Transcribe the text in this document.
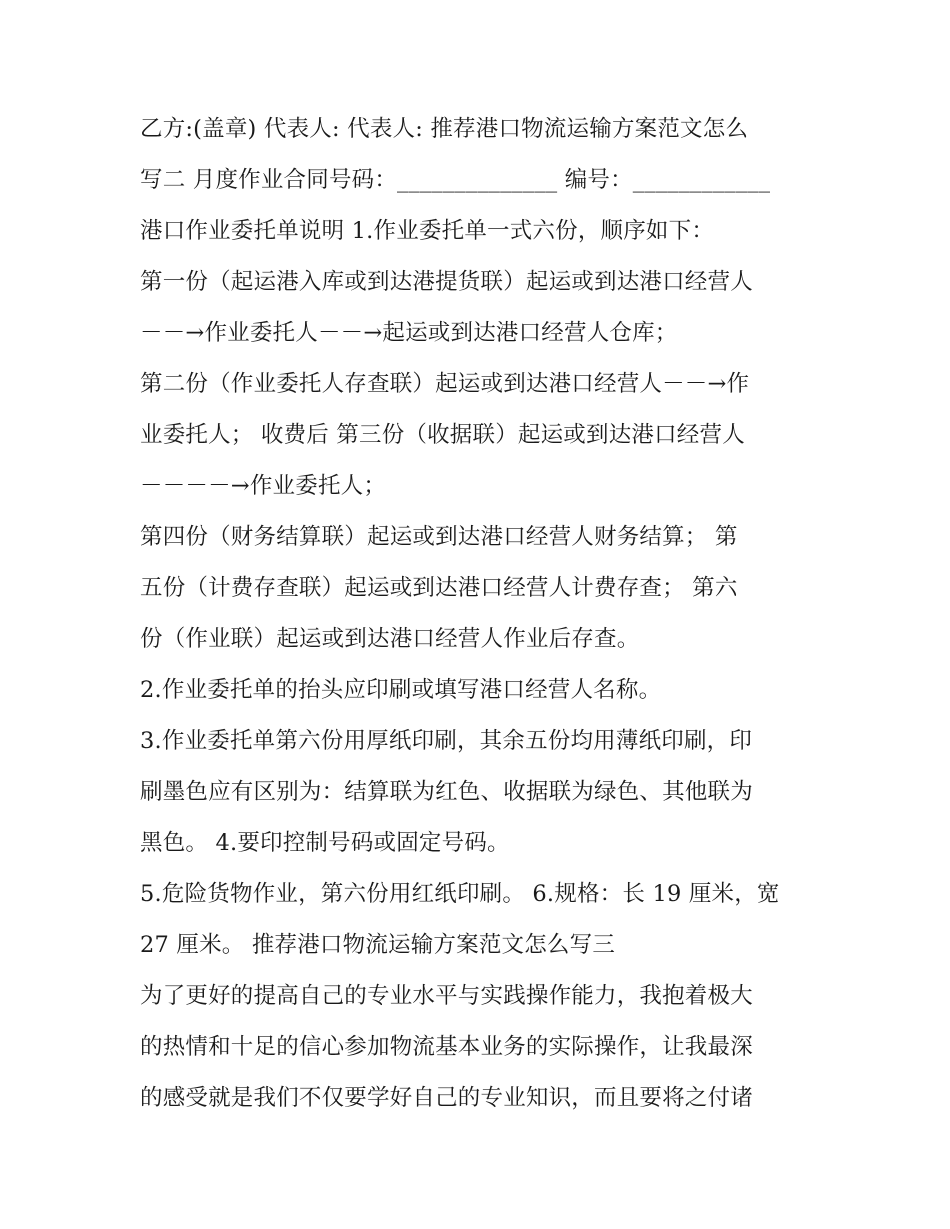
乙方:(盖章) 代表人: 代表人: 推荐港口物流运输方案范文怎么
写二 月度作业合同号码：______________ 编号：____________
港口作业委托单说明 1.作业委托单一式六份，顺序如下：
第一份（起运港入库或到达港提货联）起运或到达港口经营人
－－→作业委托人－－→起运或到达港口经营人仓库；
第二份（作业委托人存查联）起运或到达港口经营人－－→作
业委托人； 收费后 第三份（收据联）起运或到达港口经营人
－－－－→作业委托人；
第四份（财务结算联）起运或到达港口经营人财务结算； 第
五份（计费存查联）起运或到达港口经营人计费存查； 第六
份（作业联）起运或到达港口经营人作业后存查。
2.作业委托单的抬头应印刷或填写港口经营人名称。
3.作业委托单第六份用厚纸印刷，其余五份均用薄纸印刷，印
刷墨色应有区别为：结算联为红色、收据联为绿色、其他联为
黑色。 4.要印控制号码或固定号码。
5.危险货物作业，第六份用红纸印刷。 6.规格：长 19 厘米，宽
27 厘米。 推荐港口物流运输方案范文怎么写三
为了更好的提高自己的专业水平与实践操作能力，我抱着极大
的热情和十足的信心参加物流基本业务的实际操作，让我最深
的感受就是我们不仅要学好自己的专业知识，而且要将之付诸
